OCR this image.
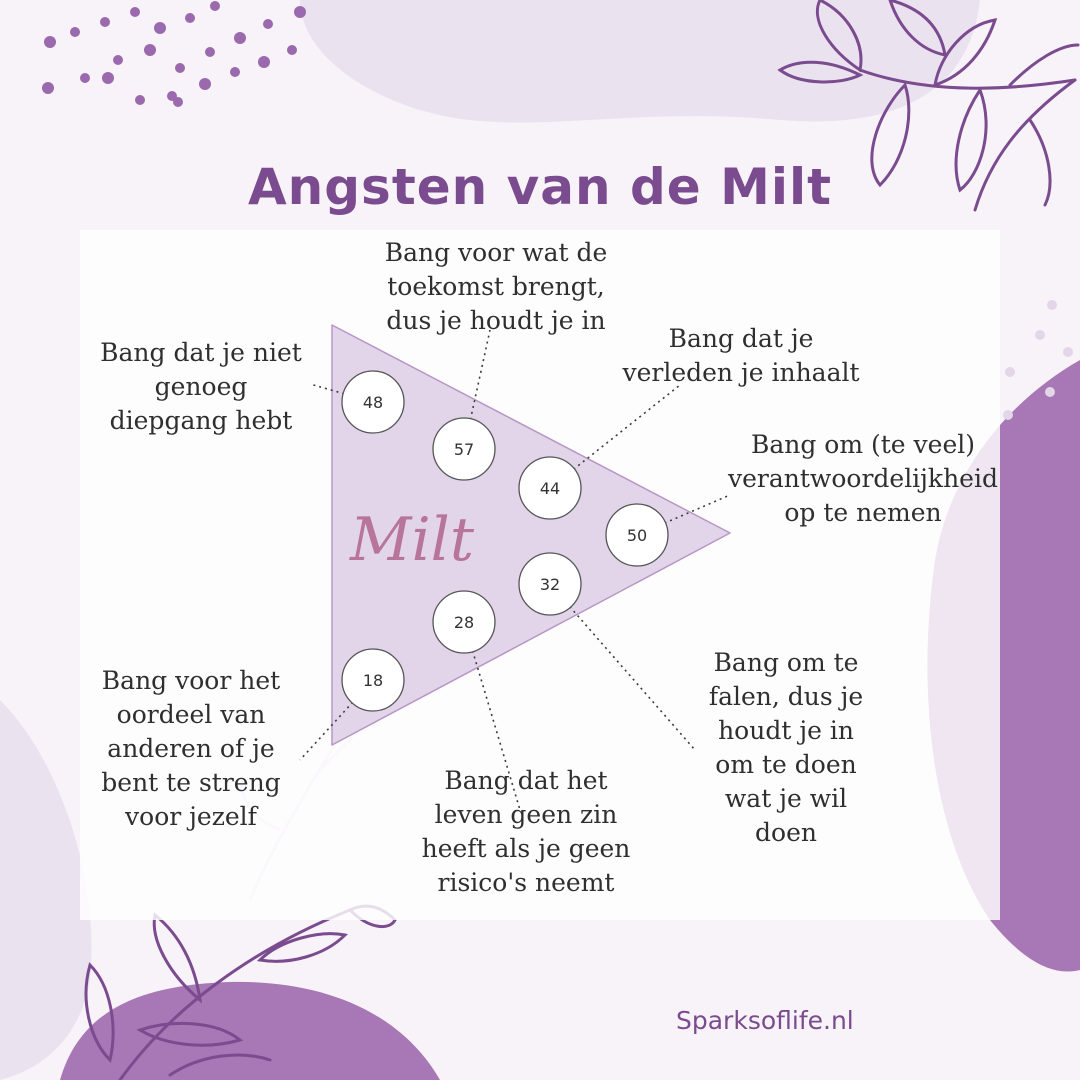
Angsten van de Milt
Milt
48
57
44
50
32
28
18
Bang dat je niet genoeg diepgang hebt
Bang voor wat de toekomst brengt, dus je houdt je in
Bang dat je verleden je inhaalt
Bang om (te veel) verantwoordelijkheid op te nemen
Bang om te falen, dus je houdt je in om te doen wat je wil doen
Bang dat het leven geen zin heeft als je geen risico's neemt
Bang voor het oordeel van anderen of je bent te streng voor jezelf
Sparksoflife.nl
